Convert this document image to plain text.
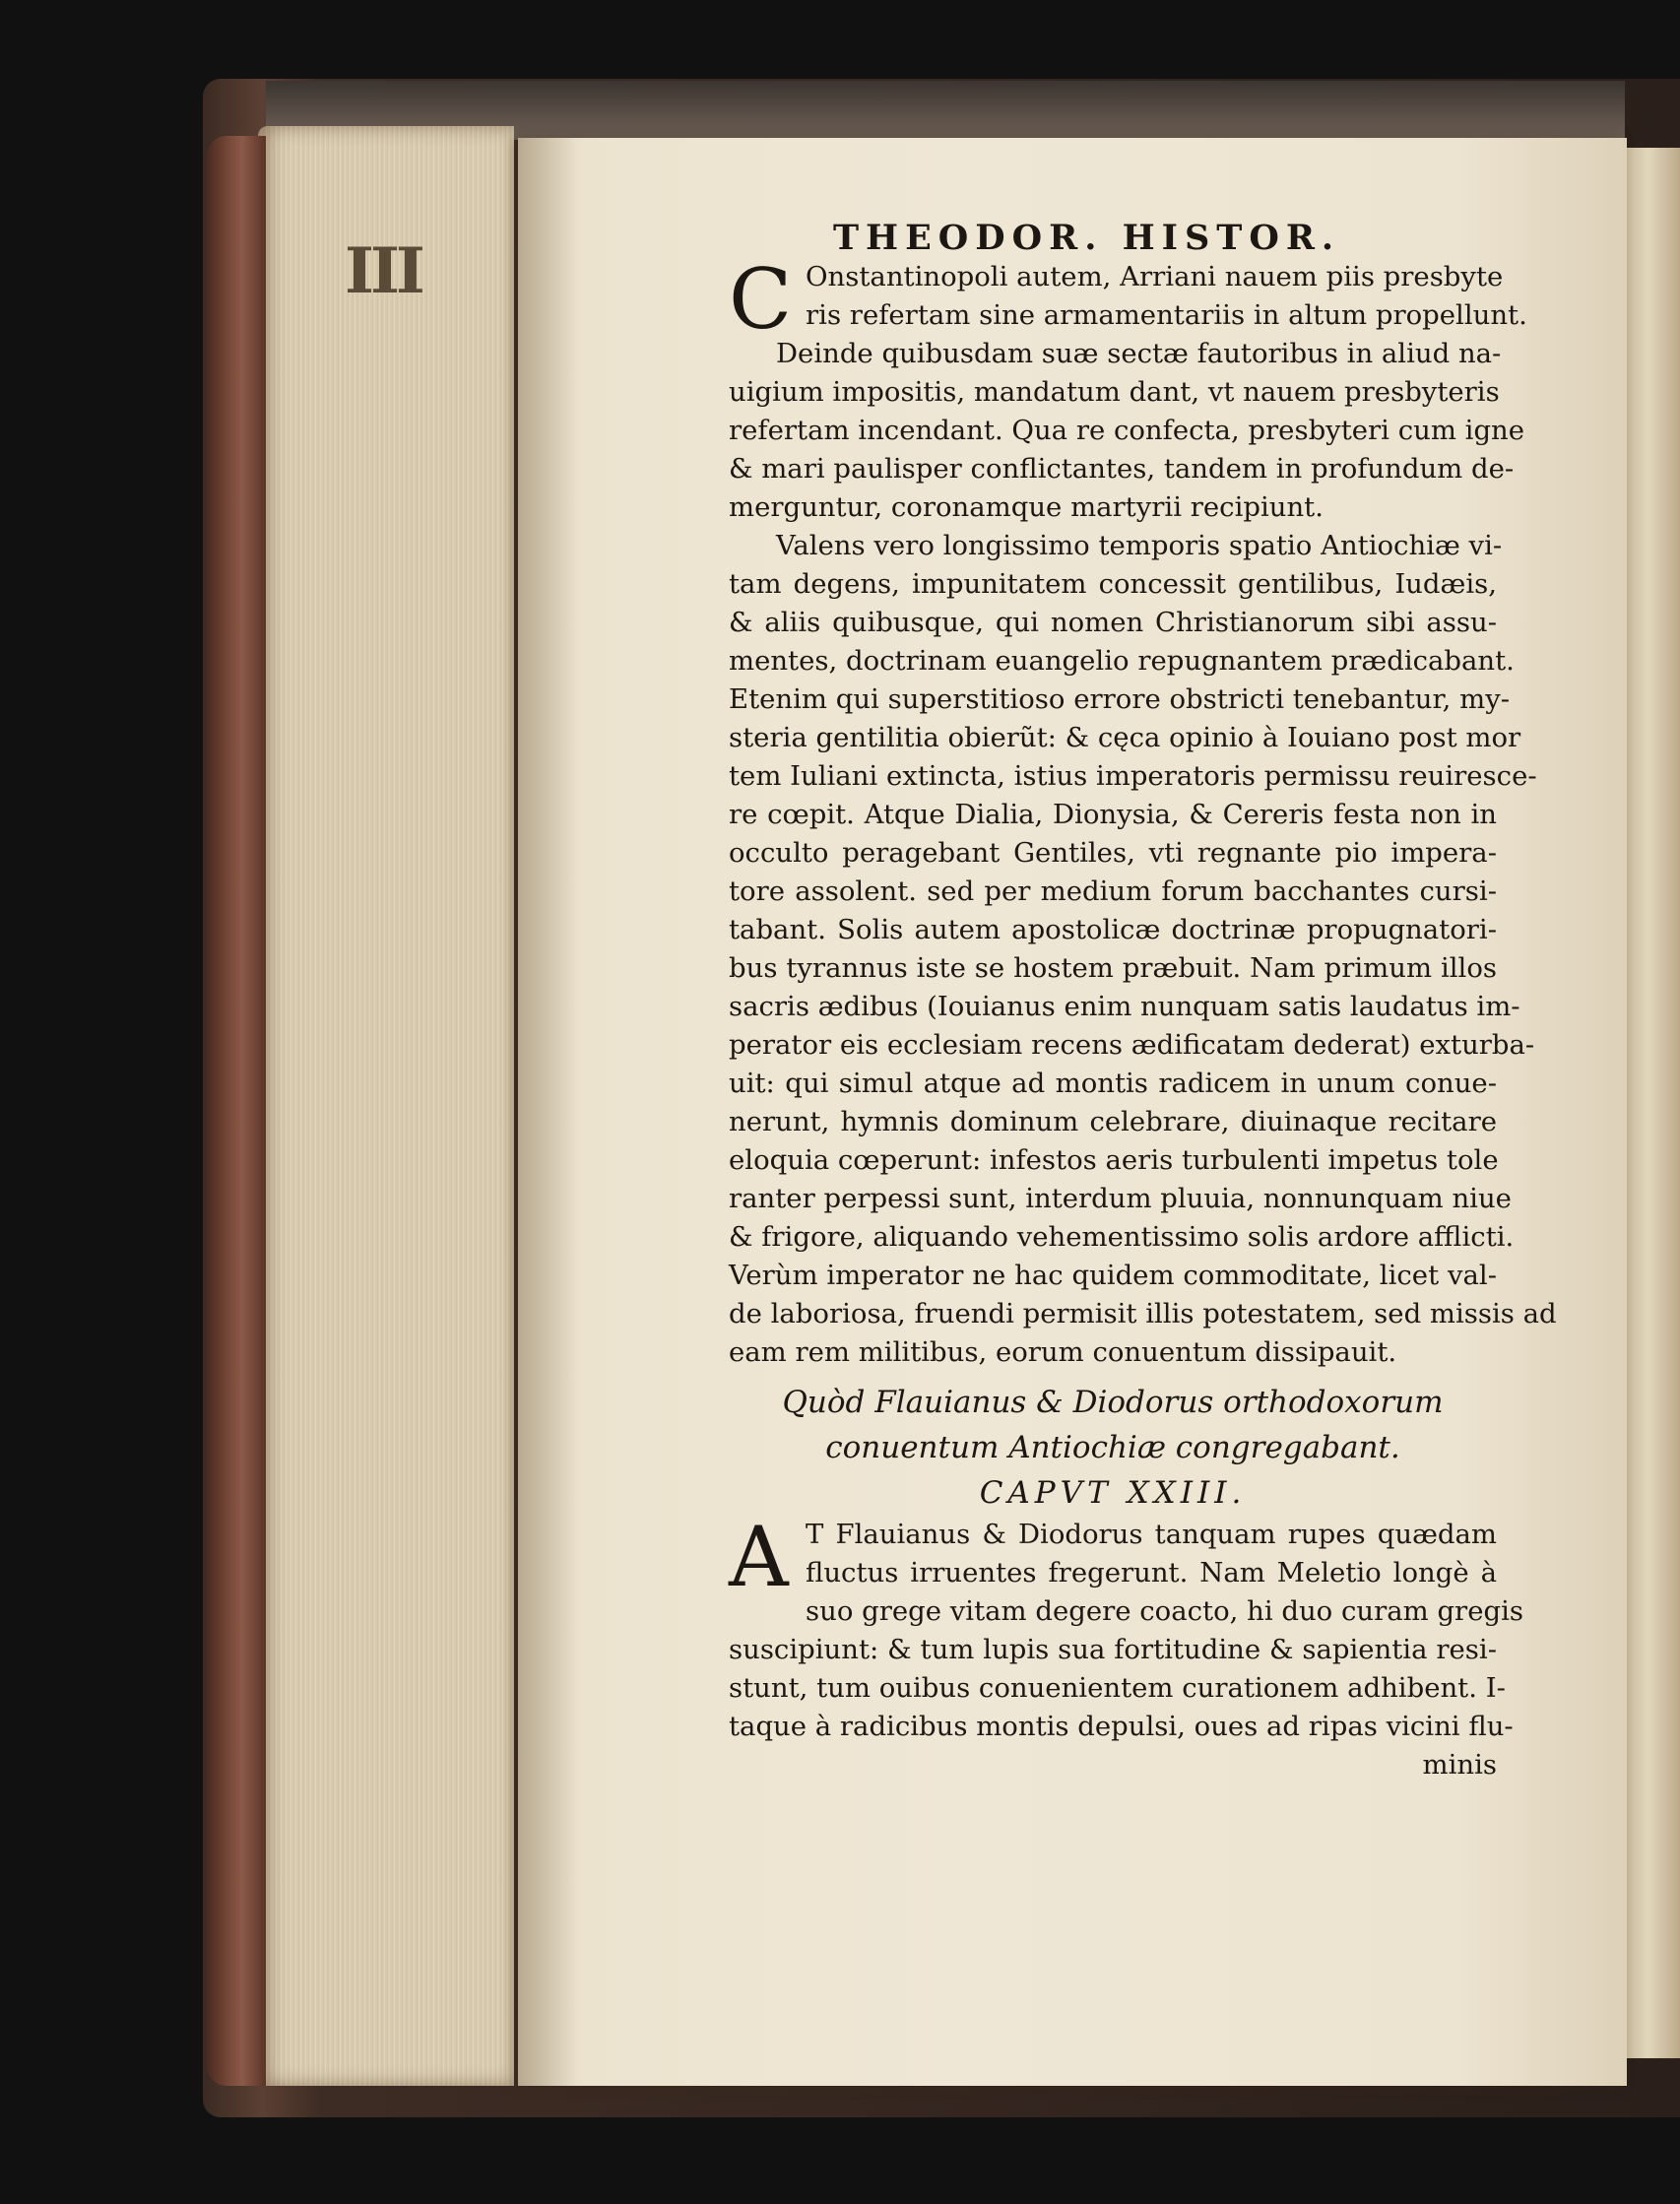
III	THEODOR. HISTOR.
C Onstantinopoli autem, Arriani nauem piis presbyte
ris refertam sine armamentariis in altum propellunt.
Deinde quibusdam suæ sectæ fautoribus in aliud na-
uigium impositis, mandatum dant, vt nauem presbyteris
refertam incendant. Qua re confecta, presbyteri cum igne
& mari paulisper conflictantes, tandem in profundum de-
merguntur, coronamque martyrii recipiunt.
Valens vero longissimo temporis spatio Antiochiæ vi-
tam degens, impunitatem concessit gentilibus, Iudæis,
& aliis quibusque, qui nomen Christianorum sibi assu-
mentes, doctrinam euangelio repugnantem prædicabant.
Etenim qui superstitioso errore obstricti tenebantur, my-
steria gentilitia obierũt: & cęca opinio à Iouiano post mor
tem Iuliani extincta, istius imperatoris permissu reuiresce-
re cœpit. Atque Dialia, Dionysia, & Cereris festa non in
occulto peragebant Gentiles, vti regnante pio impera-
tore assolent. sed per medium forum bacchantes cursi-
tabant. Solis autem apostolicæ doctrinæ propugnatori-
bus tyrannus iste se hostem præbuit. Nam primum illos
sacris ædibus (Iouianus enim nunquam satis laudatus im-
perator eis ecclesiam recens ædificatam dederat) exturba-
uit: qui simul atque ad montis radicem in unum conue-
nerunt, hymnis dominum celebrare, diuinaque recitare
eloquia cœperunt: infestos aeris turbulenti impetus tole
ranter perpessi sunt, interdum pluuia, nonnunquam niue
& frigore, aliquando vehementissimo solis ardore afflicti.
Verùm imperator ne hac quidem commoditate, licet val-
de laboriosa, fruendi permisit illis potestatem, sed missis ad
eam rem militibus, eorum conuentum dissipauit.
Quòd Flauianus & Diodorus orthodoxorum
conuentum Antiochiæ congregabant.
CAPVT XXIII.
A T Flauianus & Diodorus tanquam rupes quædam
fluctus irruentes fregerunt. Nam Meletio longè à
suo grege vitam degere coacto, hi duo curam gregis
suscipiunt: & tum lupis sua fortitudine & sapientia resi-
stunt, tum ouibus conuenientem curationem adhibent. I-
taque à radicibus montis depulsi, oues ad ripas vicini flu-
minis
